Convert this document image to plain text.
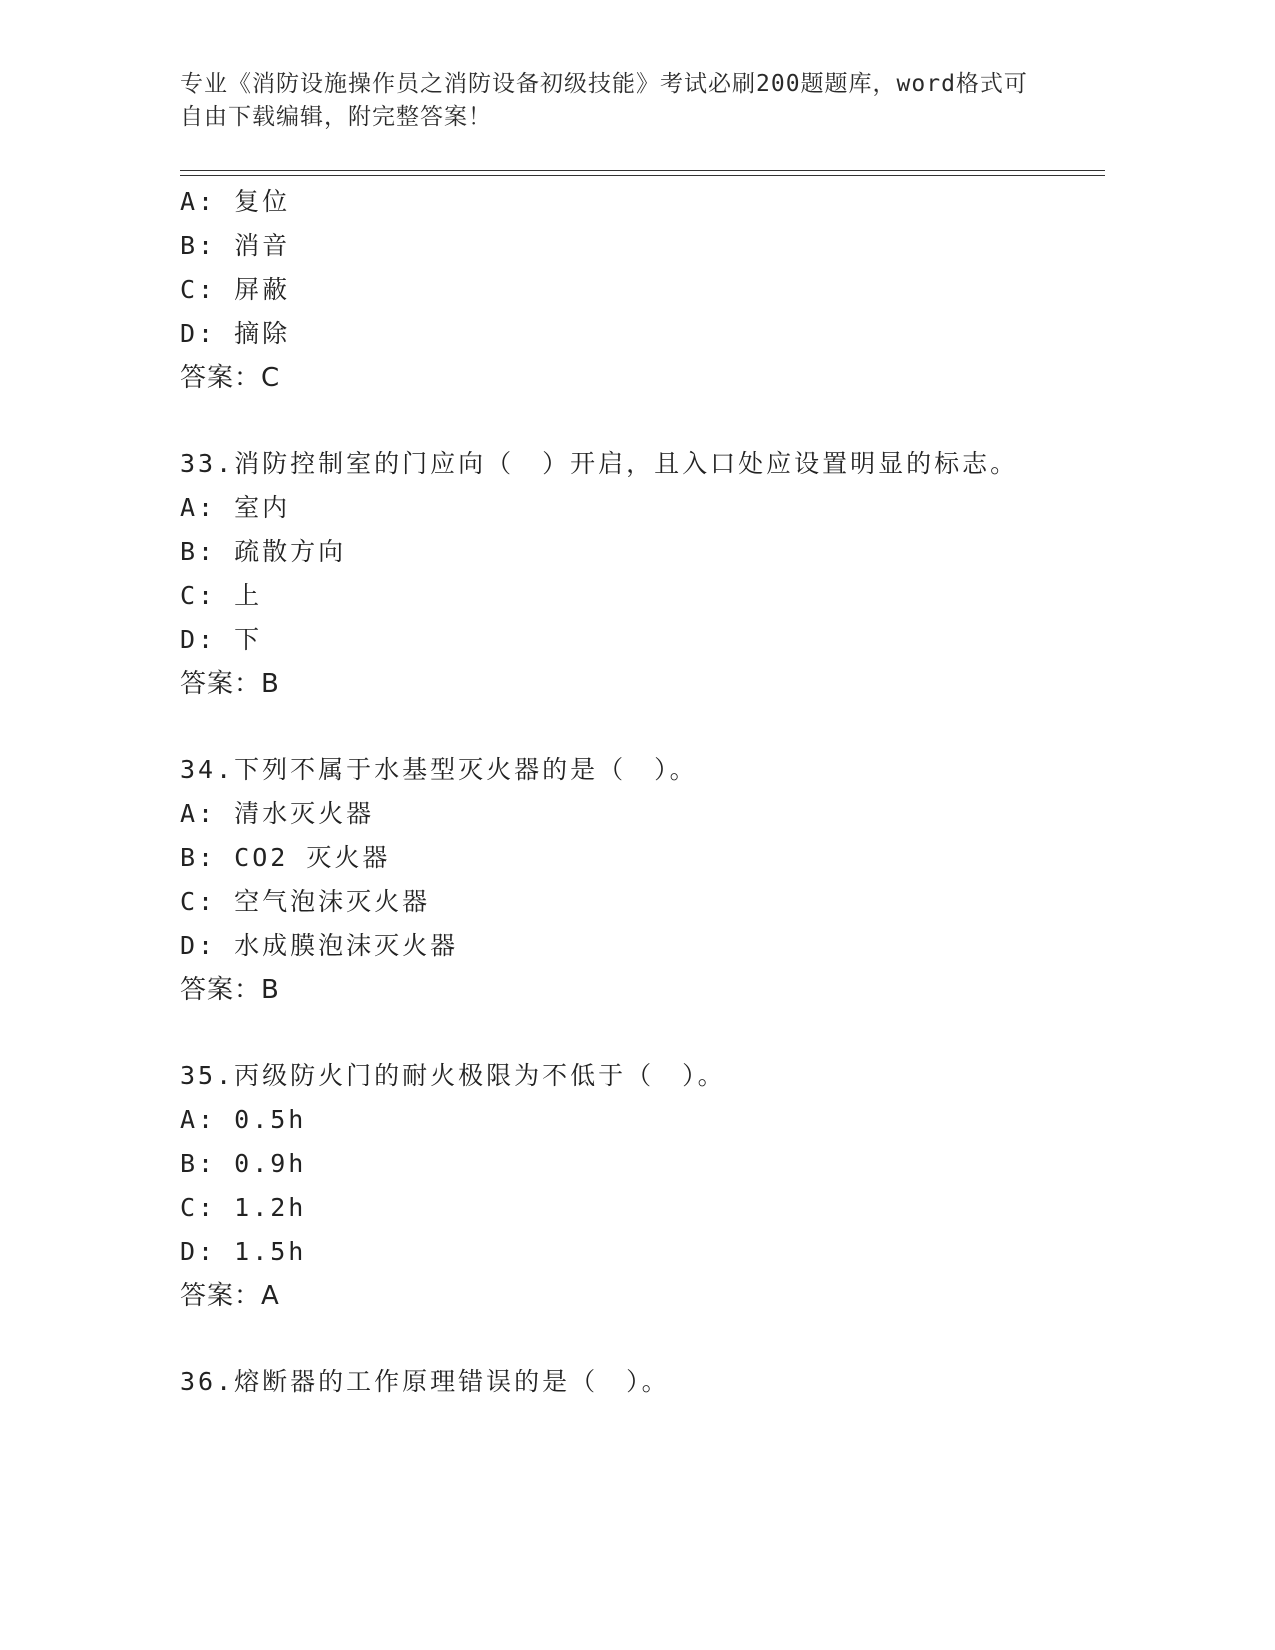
专业《消防设施操作员之消防设备初级技能》考试必刷200题题库，word格式可
自由下载编辑，附完整答案！
A: 复位
B: 消音
C: 屏蔽
D: 摘除
答案：C
33.消防控制室的门应向（　）开启，且入口处应设置明显的标志。
A: 室内
B: 疏散方向
C: 上
D: 下
答案：B
34.下列不属于水基型灭火器的是（　）。
A: 清水灭火器
B: CO2 灭火器
C: 空气泡沫灭火器
D: 水成膜泡沫灭火器
答案：B
35.丙级防火门的耐火极限为不低于（　）。
A: 0.5h
B: 0.9h
C: 1.2h
D: 1.5h
答案：A
36.熔断器的工作原理错误的是（　）。
